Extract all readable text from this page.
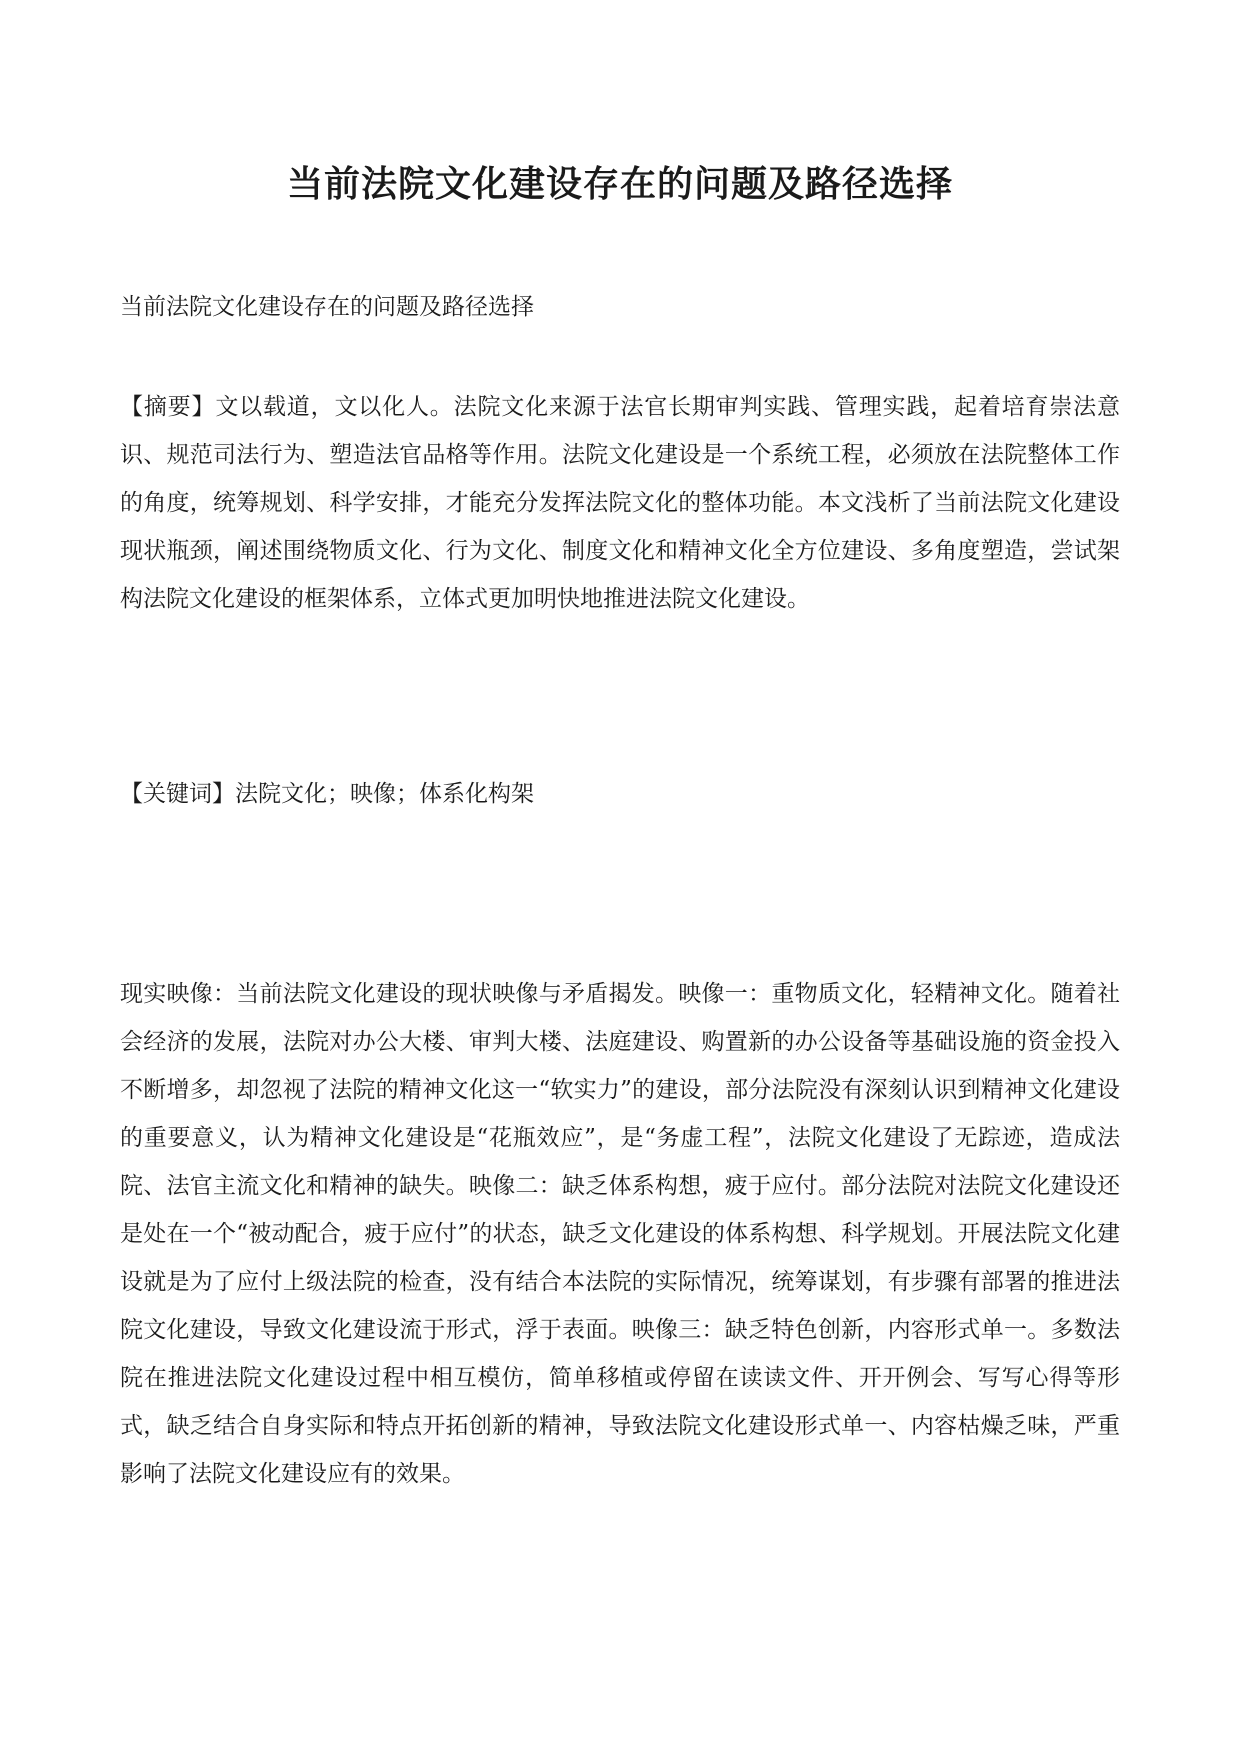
当前法院文化建设存在的问题及路径选择

当前法院文化建设存在的问题及路径选择

【摘要】文以载道，文以化人。法院文化来源于法官长期审判实践、管理实践，起着培育崇法意识、规范司法行为、塑造法官品格等作用。法院文化建设是一个系统工程，必须放在法院整体工作的角度，统筹规划、科学安排，才能充分发挥法院文化的整体功能。本文浅析了当前法院文化建设现状瓶颈，阐述围绕物质文化、行为文化、制度文化和精神文化全方位建设、多角度塑造，尝试架构法院文化建设的框架体系，立体式更加明快地推进法院文化建设。

【关键词】法院文化；映像；体系化构架

现实映像：当前法院文化建设的现状映像与矛盾揭发。映像一：重物质文化，轻精神文化。随着社会经济的发展，法院对办公大楼、审判大楼、法庭建设、购置新的办公设备等基础设施的资金投入不断增多，却忽视了法院的精神文化这一“软实力”的建设，部分法院没有深刻认识到精神文化建设的重要意义，认为精神文化建设是“花瓶效应”，是“务虚工程”，法院文化建设了无踪迹，造成法院、法官主流文化和精神的缺失。映像二：缺乏体系构想，疲于应付。部分法院对法院文化建设还是处在一个“被动配合，疲于应付”的状态，缺乏文化建设的体系构想、科学规划。开展法院文化建设就是为了应付上级法院的检查，没有结合本法院的实际情况，统筹谋划，有步骤有部署的推进法院文化建设，导致文化建设流于形式，浮于表面。映像三：缺乏特色创新，内容形式单一。多数法院在推进法院文化建设过程中相互模仿，简单移植或停留在读读文件、开开例会、写写心得等形式，缺乏结合自身实际和特点开拓创新的精神，导致法院文化建设形式单一、内容枯燥乏味，严重影响了法院文化建设应有的效果。
